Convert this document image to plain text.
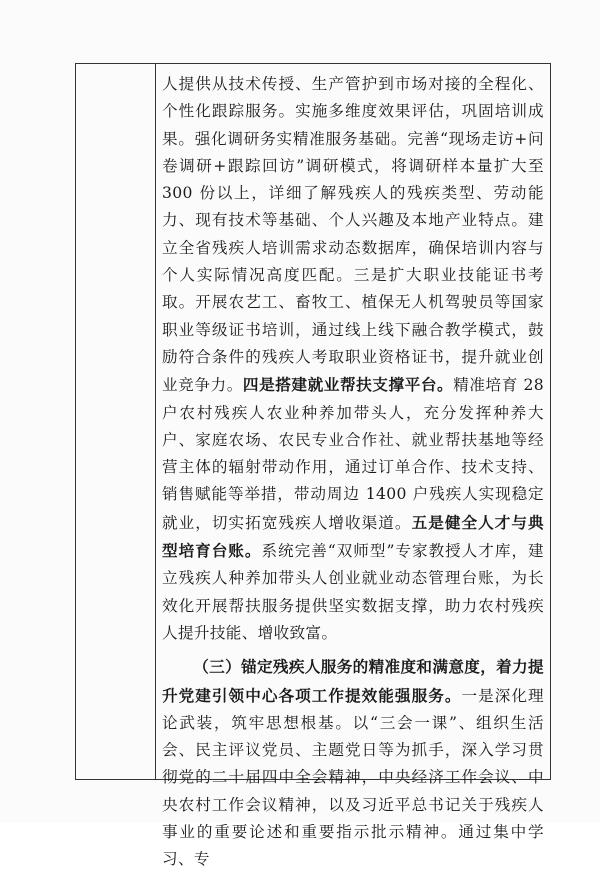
人提供从技术传授、生产管护到市场对接的全程化、个性化跟踪服务。实施多维度效果评估，巩固培训成果。强化调研务实精准服务基础。完善“现场走访+问卷调研+跟踪回访”调研模式，将调研样本量扩大至 300 份以上，详细了解残疾人的残疾类型、劳动能力、现有技术等基础、个人兴趣及本地产业特点。建立全省残疾人培训需求动态数据库，确保培训内容与个人实际情况高度匹配。三是扩大职业技能证书考取。开展农艺工、畜牧工、植保无人机驾驶员等国家职业等级证书培训，通过线上线下融合教学模式，鼓励符合条件的残疾人考取职业资格证书，提升就业创业竞争力。四是搭建就业帮扶支撑平台。精准培育 28 户农村残疾人农业种养加带头人，充分发挥种养大户、家庭农场、农民专业合作社、就业帮扶基地等经营主体的辐射带动作用，通过订单合作、技术支持、销售赋能等举措，带动周边 1400 户残疾人实现稳定就业，切实拓宽残疾人增收渠道。五是健全人才与典型培育台账。系统完善“双师型”专家教授人才库，建立残疾人种养加带头人创业就业动态管理台账，为长效化开展帮扶服务提供坚实数据支撑，助力农村残疾人提升技能、增收致富。

（三）锚定残疾人服务的精准度和满意度，着力提升党建引领中心各项工作提效能强服务。一是深化理论武装，筑牢思想根基。以“三会一课”、组织生活会、民主评议党员、主题党日等为抓手，深入学习贯彻党的二十届四中全会精神，中央经济工作会议、中央农村工作会议精神，以及习近平总书记关于残疾人事业的重要论述和重要指示批示精神。通过集中学习、专
